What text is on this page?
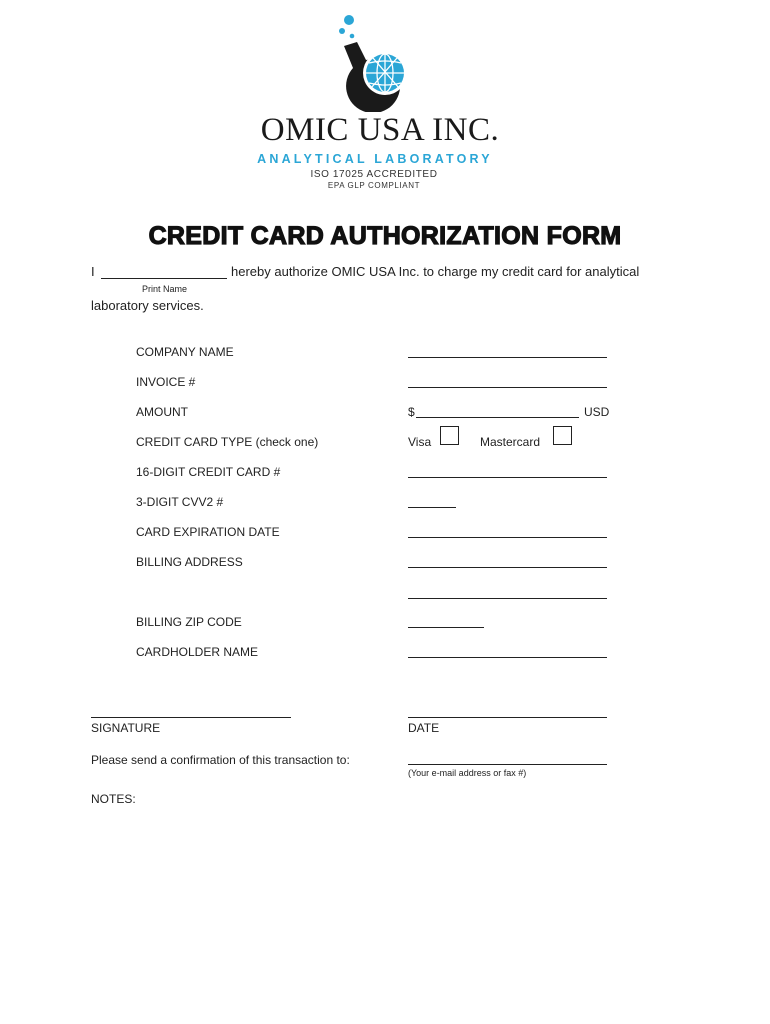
OMIC USA INC.
ANALYTICAL LABORATORY
ISO 17025 ACCREDITED
EPA GLP COMPLIANT
CREDIT CARD AUTHORIZATION FORM
I	hereby authorize OMIC USA Inc. to charge my credit card for analytical
Print Name
laboratory services.
COMPANY NAME
INVOICE #
AMOUNT	$	USD
CREDIT CARD TYPE (check one)	Visa	Mastercard
16-DIGIT CREDIT CARD #
3-DIGIT CVV2 #
CARD EXPIRATION DATE
BILLING ADDRESS
BILLING ZIP CODE
CARDHOLDER NAME
SIGNATURE	DATE
Please send a confirmation of this transaction to:
(Your e-mail address or fax #)
NOTES:
